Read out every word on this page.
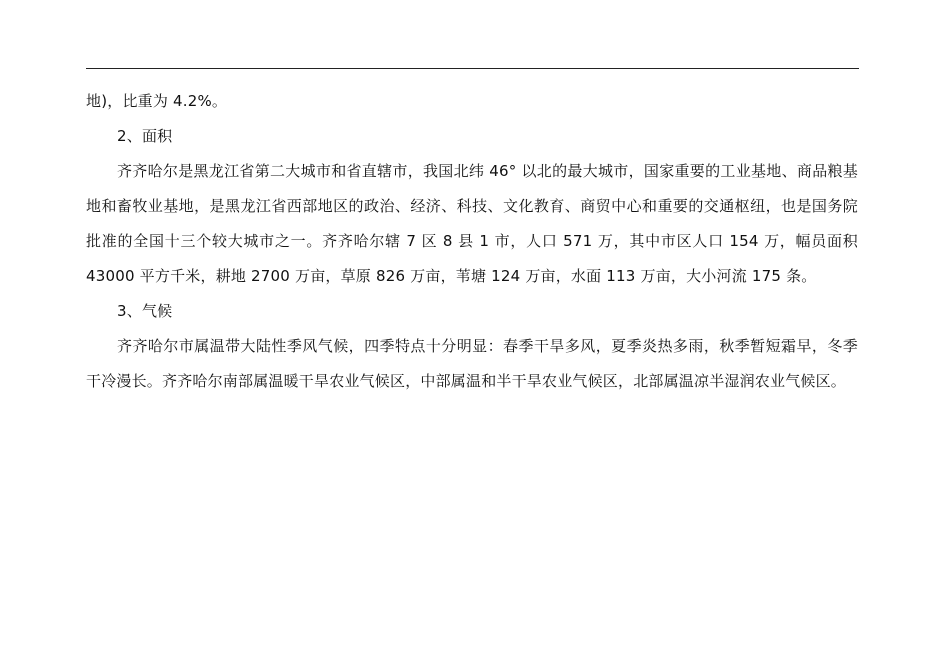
地)，比重为 4.2%。

2、面积

齐齐哈尔是黑龙江省第二大城市和省直辖市，我国北纬 46° 以北的最大城市，国家重要的工业基地、商品粮基地和畜牧业基地，是黑龙江省西部地区的政治、经济、科技、文化教育、商贸中心和重要的交通枢纽，也是国务院批准的全国十三个较大城市之一。齐齐哈尔辖 7 区 8 县 1 市，人口 571 万，其中市区人口 154 万，幅员面积 43000 平方千米，耕地 2700 万亩，草原 826 万亩，苇塘 124 万亩，水面 113 万亩，大小河流 175 条。

3、气候

齐齐哈尔市属温带大陆性季风气候，四季特点十分明显：春季干旱多风，夏季炎热多雨，秋季暂短霜早，冬季干冷漫长。齐齐哈尔南部属温暖干旱农业气候区，中部属温和半干旱农业气候区，北部属温凉半湿润农业气候区。
